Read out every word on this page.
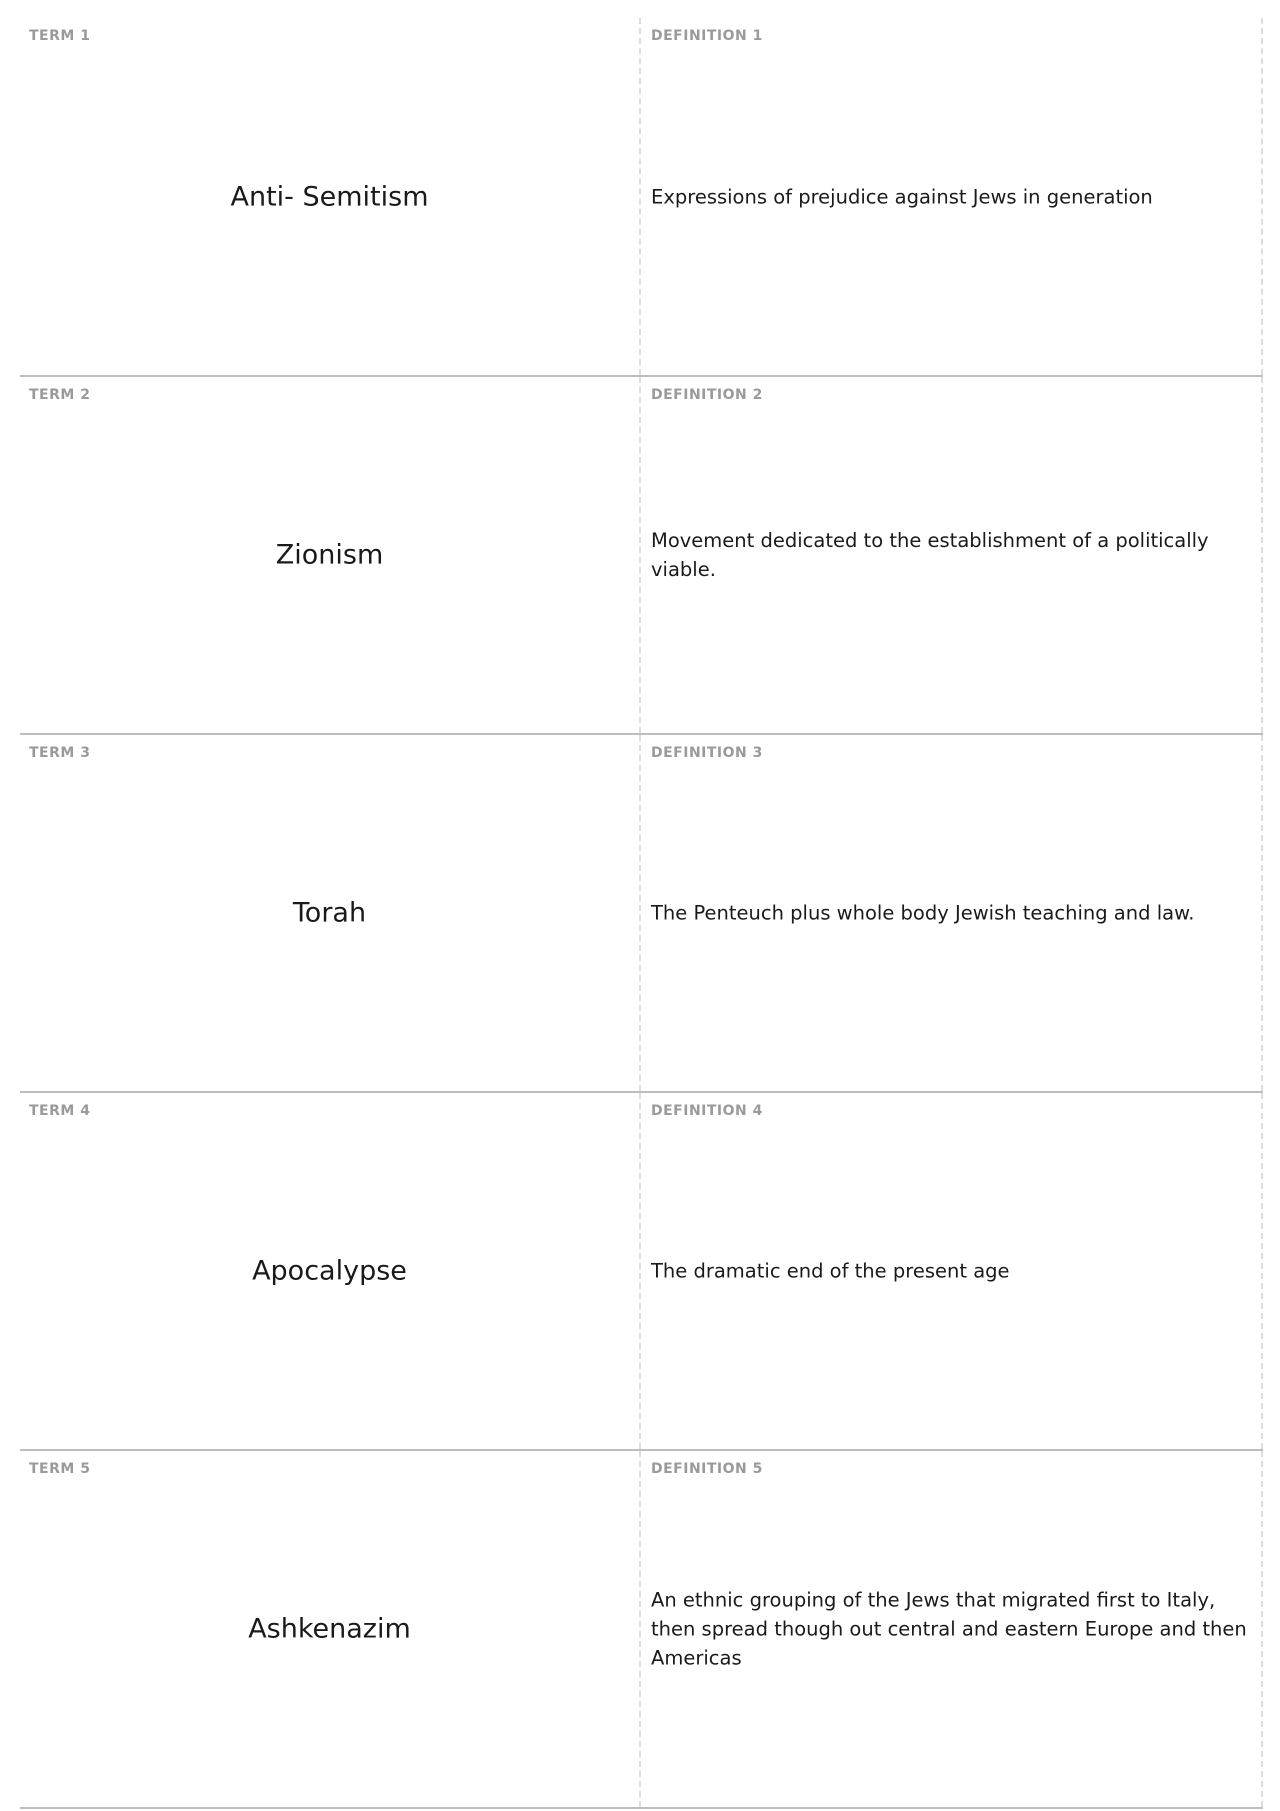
TERM 1
Anti- Semitism
DEFINITION 1
Expressions of prejudice against Jews in generation
TERM 2
Zionism
DEFINITION 2
Movement dedicated to the establishment of a politically viable.
TERM 3
Torah
DEFINITION 3
The Penteuch plus whole body Jewish teaching and law.
TERM 4
Apocalypse
DEFINITION 4
The dramatic end of the present age
TERM 5
Ashkenazim
DEFINITION 5
An ethnic grouping of the Jews that migrated first to Italy, then spread though out central and eastern Europe and then Americas
